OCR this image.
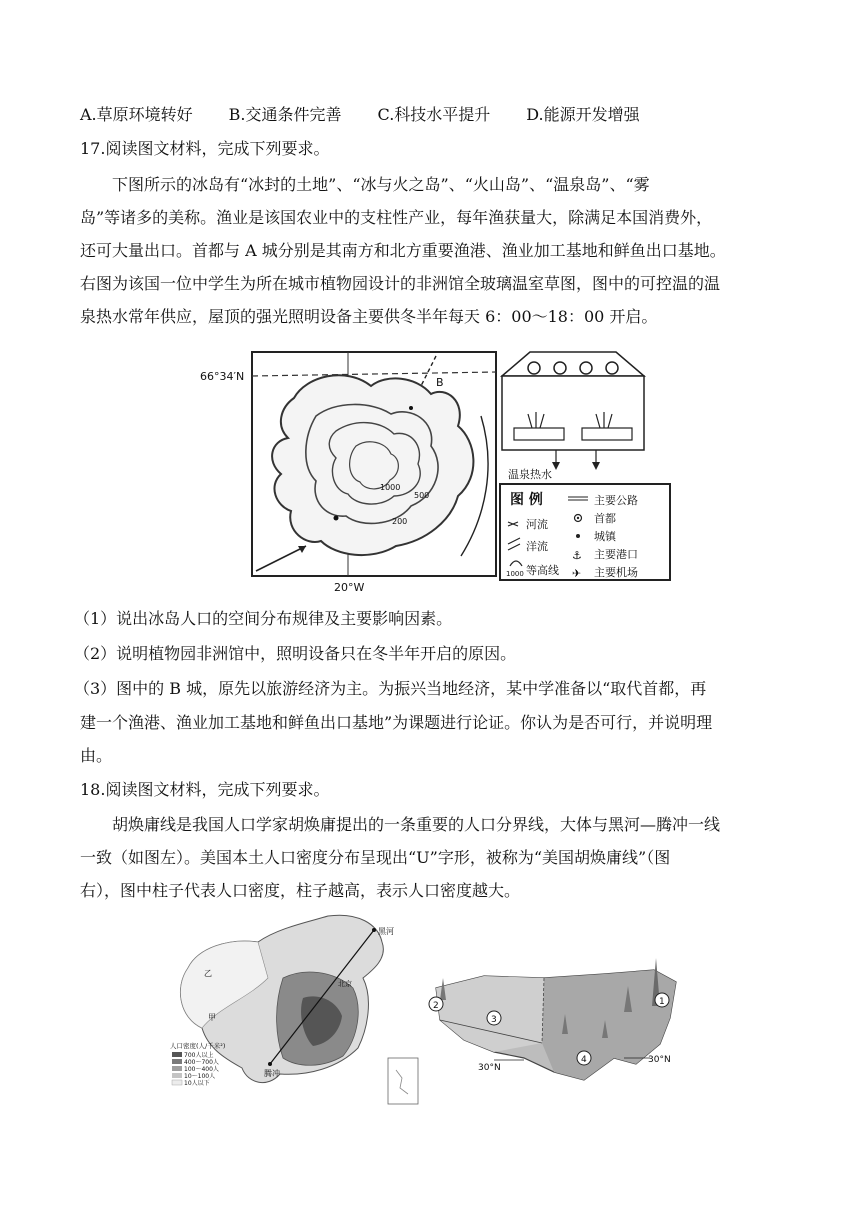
A.草原环境转好 B.交通条件完善 C.科技水平提升 D.能源开发增强
17.阅读图文材料，完成下列要求。
下图所示的冰岛有“冰封的土地”、“冰与火之岛”、“火山岛”、“温泉岛”、“雾
岛”等诸多的美称。渔业是该国农业中的支柱性产业，每年渔获量大，除满足本国消费外，
还可大量出口。首都与 A 城分别是其南方和北方重要渔港、渔业加工基地和鲜鱼出口基地。
右图为该国一位中学生为所在城市植物园设计的非洲馆全玻璃温室草图，图中的可控温的温
泉热水常年供应，屋顶的强光照明设备主要供冬半年每天 6：00～18：00 开启。
66°34′N
20°W
B
1000
500
200
温泉热水
图 例
河流
洋流
1000 等高线
主要公路
首都
城镇
⚓ 主要港口
✈ 主要机场
（1）说出冰岛人口的空间分布规律及主要影响因素。
（2）说明植物园非洲馆中，照明设备只在冬半年开启的原因。
（3）图中的 B 城，原先以旅游经济为主。为振兴当地经济，某中学准备以“取代首都，再
建一个渔港、渔业加工基地和鲜鱼出口基地”为课题进行论证。你认为是否可行，并说明理
由。
18.阅读图文材料，完成下列要求。
胡焕庸线是我国人口学家胡焕庸提出的一条重要的人口分界线，大体与黑河—腾冲一线
一致（如图左）。美国本土人口密度分布呈现出“U”字形，被称为“美国胡焕庸线”（图
右），图中柱子代表人口密度，柱子越高，表示人口密度越大。
黑河
腾冲
甲
乙
北京
人口密度(人/千米²)
700人以上
400～700人
100～400人
10～100人
10人以下
1
2
3
4
30°N
30°N
